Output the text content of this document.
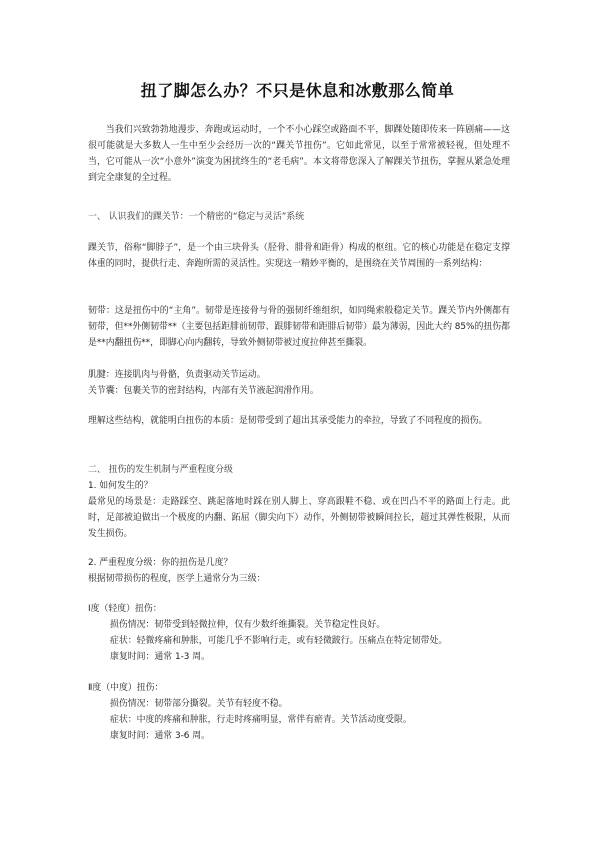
扭了脚怎么办？不只是休息和冰敷那么简单

当我们兴致勃勃地漫步、奔跑或运动时，一个不小心踩空或路面不平，脚踝处随即传来一阵剧痛——这很可能就是大多数人一生中至少会经历一次的“踝关节扭伤”。它如此常见，以至于常常被轻视，但处理不当，它可能从一次“小意外”演变为困扰终生的“老毛病”。本文将带您深入了解踝关节扭伤，掌握从紧急处理到完全康复的全过程。

一、 认识我们的踝关节：一个精密的“稳定与灵活”系统

踝关节，俗称“脚脖子”，是一个由三块骨头（胫骨、腓骨和距骨）构成的枢纽。它的核心功能是在稳定支撑体重的同时，提供行走、奔跑所需的灵活性。实现这一精妙平衡的，是围绕在关节周围的一系列结构：

韧带：这是扭伤中的“主角”。韧带是连接骨与骨的强韧纤维组织，如同绳索般稳定关节。踝关节内外侧都有韧带，但**外侧韧带**（主要包括距腓前韧带、跟腓韧带和距腓后韧带）最为薄弱，因此大约 85%的扭伤都是**内翻扭伤**，即脚心向内翻转，导致外侧韧带被过度拉伸甚至撕裂。

肌腱：连接肌肉与骨骼，负责驱动关节运动。
关节囊：包裹关节的密封结构，内部有关节液起润滑作用。

理解这些结构，就能明白扭伤的本质：是韧带受到了超出其承受能力的牵拉，导致了不同程度的损伤。

二、 扭伤的发生机制与严重程度分级
1. 如何发生的？

最常见的场景是：走路踩空、跳起落地时踩在别人脚上、穿高跟鞋不稳、或在凹凸不平的路面上行走。此时，足部被迫做出一个极度的内翻、跖屈（脚尖向下）动作，外侧韧带被瞬间拉长，超过其弹性极限，从而发生损伤。

2. 严重程度分级：你的扭伤是几度？
根据韧带损伤的程度，医学上通常分为三级：
Ⅰ度（轻度）扭伤：
损伤情况：韧带受到轻微拉伸，仅有少数纤维撕裂。关节稳定性良好。
症状：轻微疼痛和肿胀，可能几乎不影响行走，或有轻微跛行。压痛点在特定韧带处。
康复时间：通常 1-3 周。
Ⅱ度（中度）扭伤：
损伤情况：韧带部分撕裂。关节有轻度不稳。
症状：中度的疼痛和肿胀，行走时疼痛明显，常伴有瘀青。关节活动度受限。
康复时间：通常 3-6 周。
